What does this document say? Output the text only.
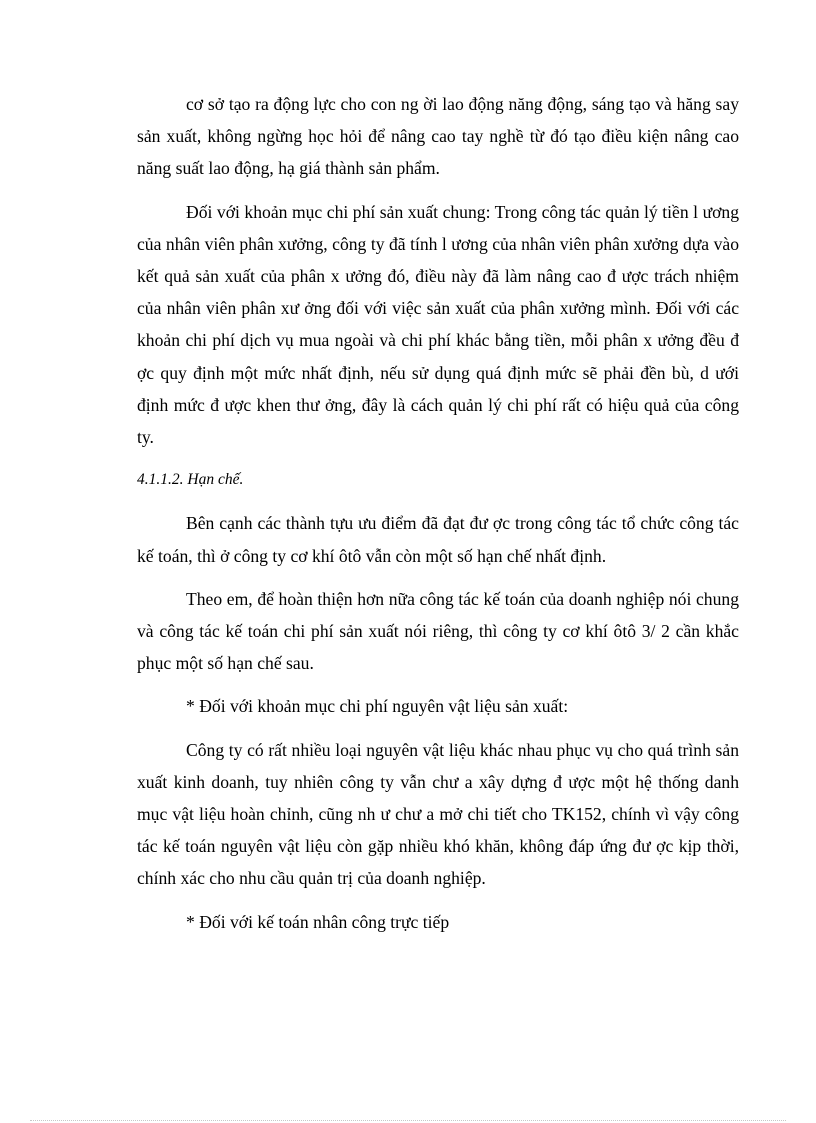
cơ sở tạo ra động lực cho con ng ời lao động năng động, sáng tạo và hăng say sản xuất, không ngừng học hỏi để nâng cao tay nghề từ đó tạo điều kiện nâng cao năng suất lao động, hạ giá thành sản phẩm.

Đối với khoản mục chi phí sản xuất chung: Trong công tác quản lý tiền l ương của nhân viên phân xưởng, công ty đã tính l ương của nhân viên phân xưởng dựa vào kết quả sản xuất của phân x ưởng đó, điều này đã làm nâng cao đ ược trách nhiệm của nhân viên phân xư ởng đối với việc sản xuất của phân xưởng mình. Đối với các khoản chi phí dịch vụ mua ngoài và chi phí khác bằng tiền, mỗi phân x ưởng đều đ ợc quy định một mức nhất định, nếu sử dụng quá định mức sẽ phải đền bù, d ưới định mức đ ược khen thư ởng, đây là cách quản lý chi phí rất có hiệu quả của công ty.

4.1.1.2. Hạn chế.

Bên cạnh các thành tựu ưu điểm đã đạt đư ợc trong công tác tổ chức công tác kế toán, thì ở công ty cơ khí ôtô vẫn còn một số hạn chế nhất định.

Theo em, để hoàn thiện hơn nữa công tác kế toán của doanh nghiệp nói chung và công tác kế toán chi phí sản xuất nói riêng, thì công ty cơ khí ôtô 3/ 2 cần khắc phục một số hạn chế sau.

* Đối với khoản mục chi phí nguyên vật liệu sản xuất:

Công ty có rất nhiều loại nguyên vật liệu khác nhau phục vụ cho quá trình sản xuất kinh doanh, tuy nhiên công ty vẫn chư a xây dựng đ ược một hệ thống danh mục vật liệu hoàn chỉnh, cũng nh ư chư a mở chi tiết cho TK152, chính vì vậy công tác kế toán nguyên vật liệu còn gặp nhiều khó khăn, không đáp ứng đư ợc kịp thời, chính xác cho nhu cầu quản trị của doanh nghiệp.

* Đối với kế toán nhân công trực tiếp
